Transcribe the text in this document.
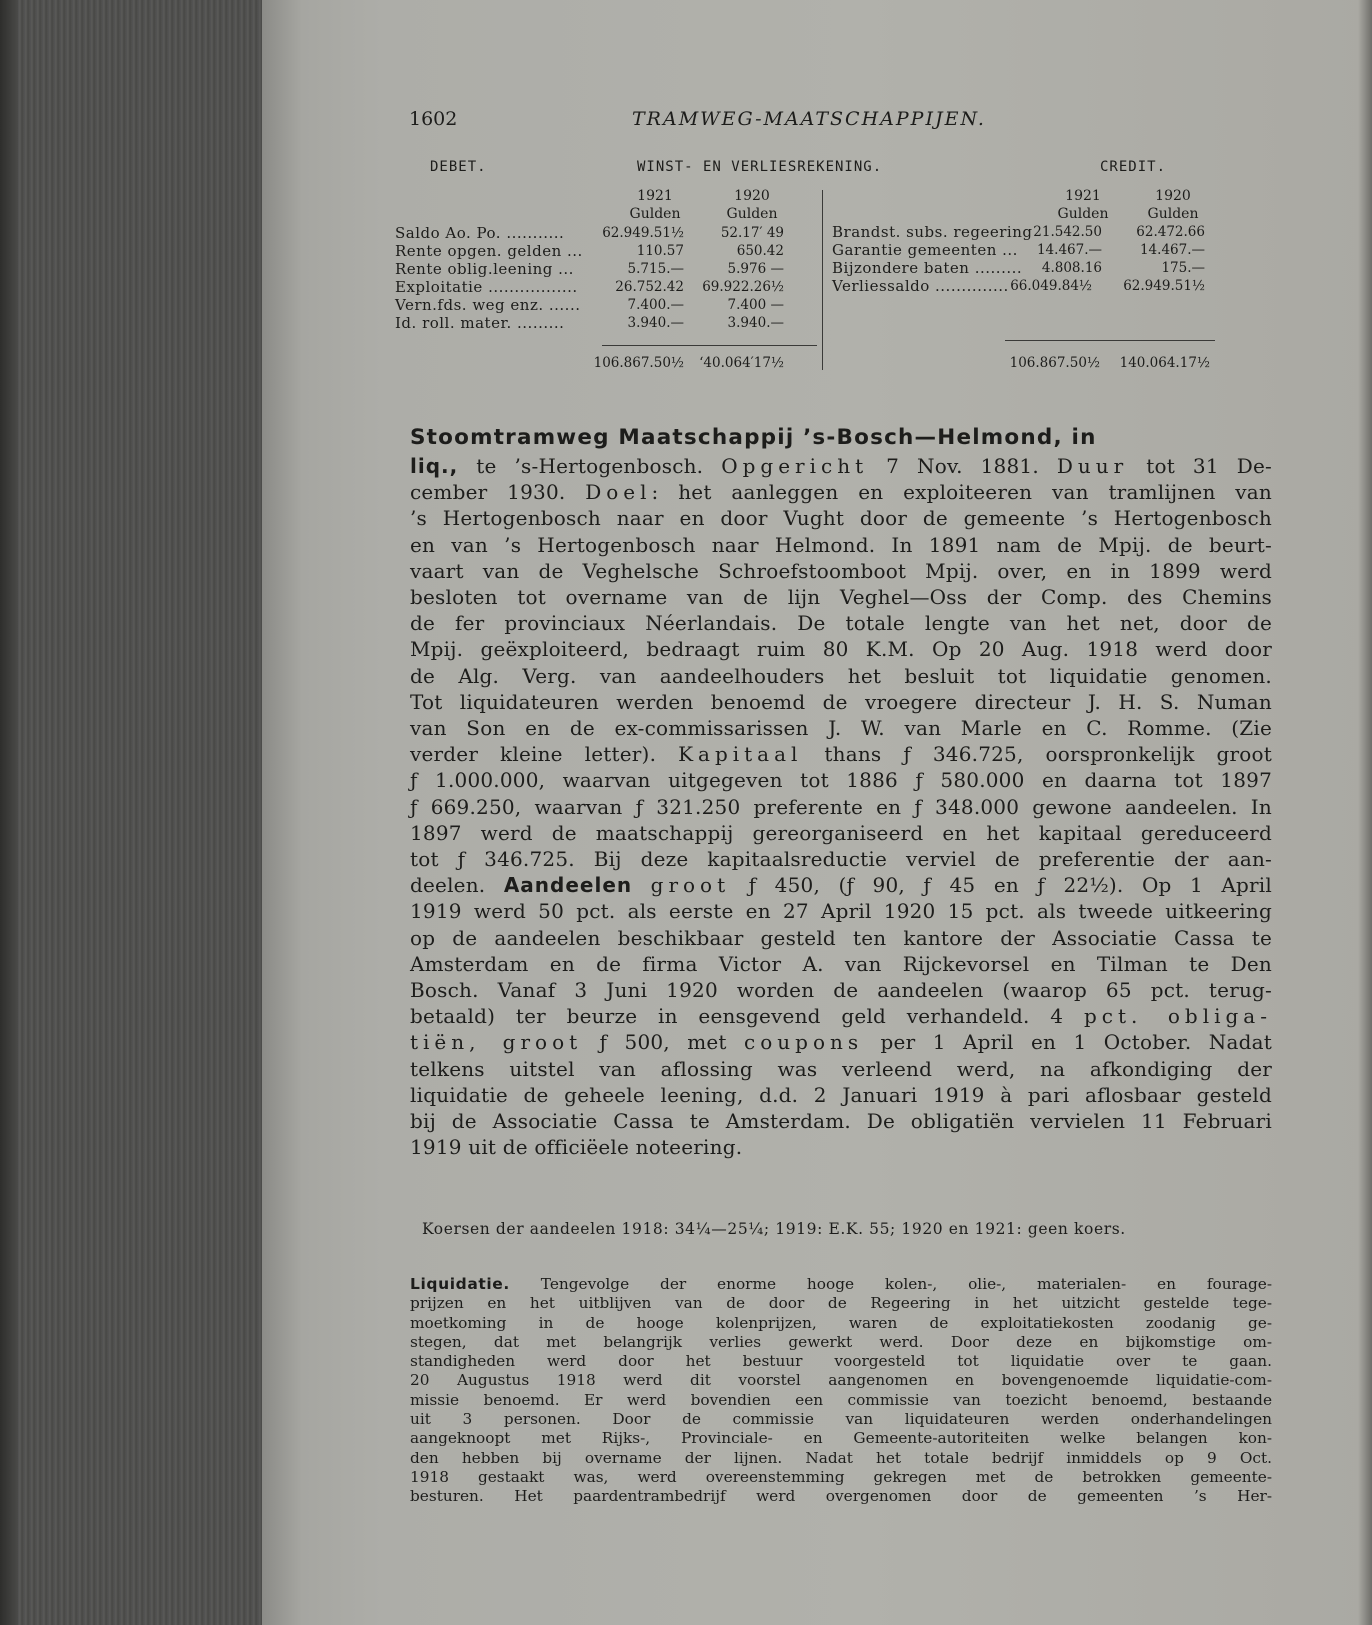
1602	TRAMWEG-MAATSCHAPPIJEN.
DEBET.	WINST- EN VERLIESREKENING.	CREDIT.
1921	1920
Gulden	Gulden
1921	1920
Gulden	Gulden
Saldo Ao. Po. ...........	62.949.51½	52.17′ 49
Rente opgen. gelden ...	110.57	650.42
Rente oblig.leening ...	5.715.—	5.976 —
Exploitatie .................	26.752.42	69.922.26½
Vern.fds. weg enz. ......	7.400.—	7.400 —
Id. roll. mater. .........	3.940.—	3.940.—
106.867.50½	‘40.064′17½
Brandst. subs. regeering 21.542.50	62.472.66
Garantie gemeenten ...	14.467.—	14.467.—
Bijzondere baten .........	4.808.16	175.—
Verliessaldo .............. 66.049.84½	62.949.51½
106.867.50½	140.064.17½
Stoomtramweg Maatschappij ’s-Bosch—Helmond, in
liq., te ’s-Hertogenbosch. Opgericht 7 Nov. 1881. Duur tot 31 De-
cember 1930. Doel: het aanleggen en exploiteeren van tramlijnen van
’s Hertogenbosch naar en door Vught door de gemeente ’s Hertogenbosch
en van ’s Hertogenbosch naar Helmond. In 1891 nam de Mpij. de beurt-
vaart van de Veghelsche Schroefstoomboot Mpij. over, en in 1899 werd
besloten tot overname van de lijn Veghel—Oss der Comp. des Chemins
de fer provinciaux Néerlandais. De totale lengte van het net, door de
Mpij. geëxploiteerd, bedraagt ruim 80 K.M. Op 20 Aug. 1918 werd door
de Alg. Verg. van aandeelhouders het besluit tot liquidatie genomen.
Tot liquidateuren werden benoemd de vroegere directeur J. H. S. Numan
van Son en de ex-commissarissen J. W. van Marle en C. Romme. (Zie
verder kleine letter). Kapitaal thans ƒ 346.725, oorspronkelijk groot
ƒ 1.000.000, waarvan uitgegeven tot 1886 ƒ 580.000 en daarna tot 1897
ƒ 669.250, waarvan ƒ 321.250 preferente en ƒ 348.000 gewone aandeelen. In
1897 werd de maatschappij gereorganiseerd en het kapitaal gereduceerd
tot ƒ 346.725. Bij deze kapitaalsreductie verviel de preferentie der aan-
deelen. Aandeelen groot ƒ 450, (ƒ 90, ƒ 45 en ƒ 22½). Op 1 April
1919 werd 50 pct. als eerste en 27 April 1920 15 pct. als tweede uitkeering
op de aandeelen beschikbaar gesteld ten kantore der Associatie Cassa te
Amsterdam en de firma Victor A. van Rijckevorsel en Tilman te Den
Bosch. Vanaf 3 Juni 1920 worden de aandeelen (waarop 65 pct. terug-
betaald) ter beurze in eensgevend geld verhandeld. 4 pct. obliga-
tiën, groot ƒ 500, met coupons per 1 April en 1 October. Nadat
telkens uitstel van aflossing was verleend werd, na afkondiging der
liquidatie de geheele leening, d.d. 2 Januari 1919 à pari aflosbaar gesteld
bij de Associatie Cassa te Amsterdam. De obligatiën vervielen 11 Februari
1919 uit de officiëele noteering.
Koersen der aandeelen 1918: 34¼—25¼; 1919: E.K. 55; 1920 en 1921: geen koers.
Liquidatie. Tengevolge der enorme hooge kolen-, olie-, materialen- en fourage-
prijzen en het uitblijven van de door de Regeering in het uitzicht gestelde tege-
moetkoming in de hooge kolenprijzen, waren de exploitatiekosten zoodanig ge-
stegen, dat met belangrijk verlies gewerkt werd. Door deze en bijkomstige om-
standigheden werd door het bestuur voorgesteld tot liquidatie over te gaan.
20 Augustus 1918 werd dit voorstel aangenomen en bovengenoemde liquidatie-com-
missie benoemd. Er werd bovendien een commissie van toezicht benoemd, bestaande
uit 3 personen. Door de commissie van liquidateuren werden onderhandelingen
aangeknoopt met Rijks-, Provinciale- en Gemeente-autoriteiten welke belangen kon-
den hebben bij overname der lijnen. Nadat het totale bedrijf inmiddels op 9 Oct.
1918 gestaakt was, werd overeenstemming gekregen met de betrokken gemeente-
besturen. Het paardentrambedrijf werd overgenomen door de gemeenten ’s Her-
